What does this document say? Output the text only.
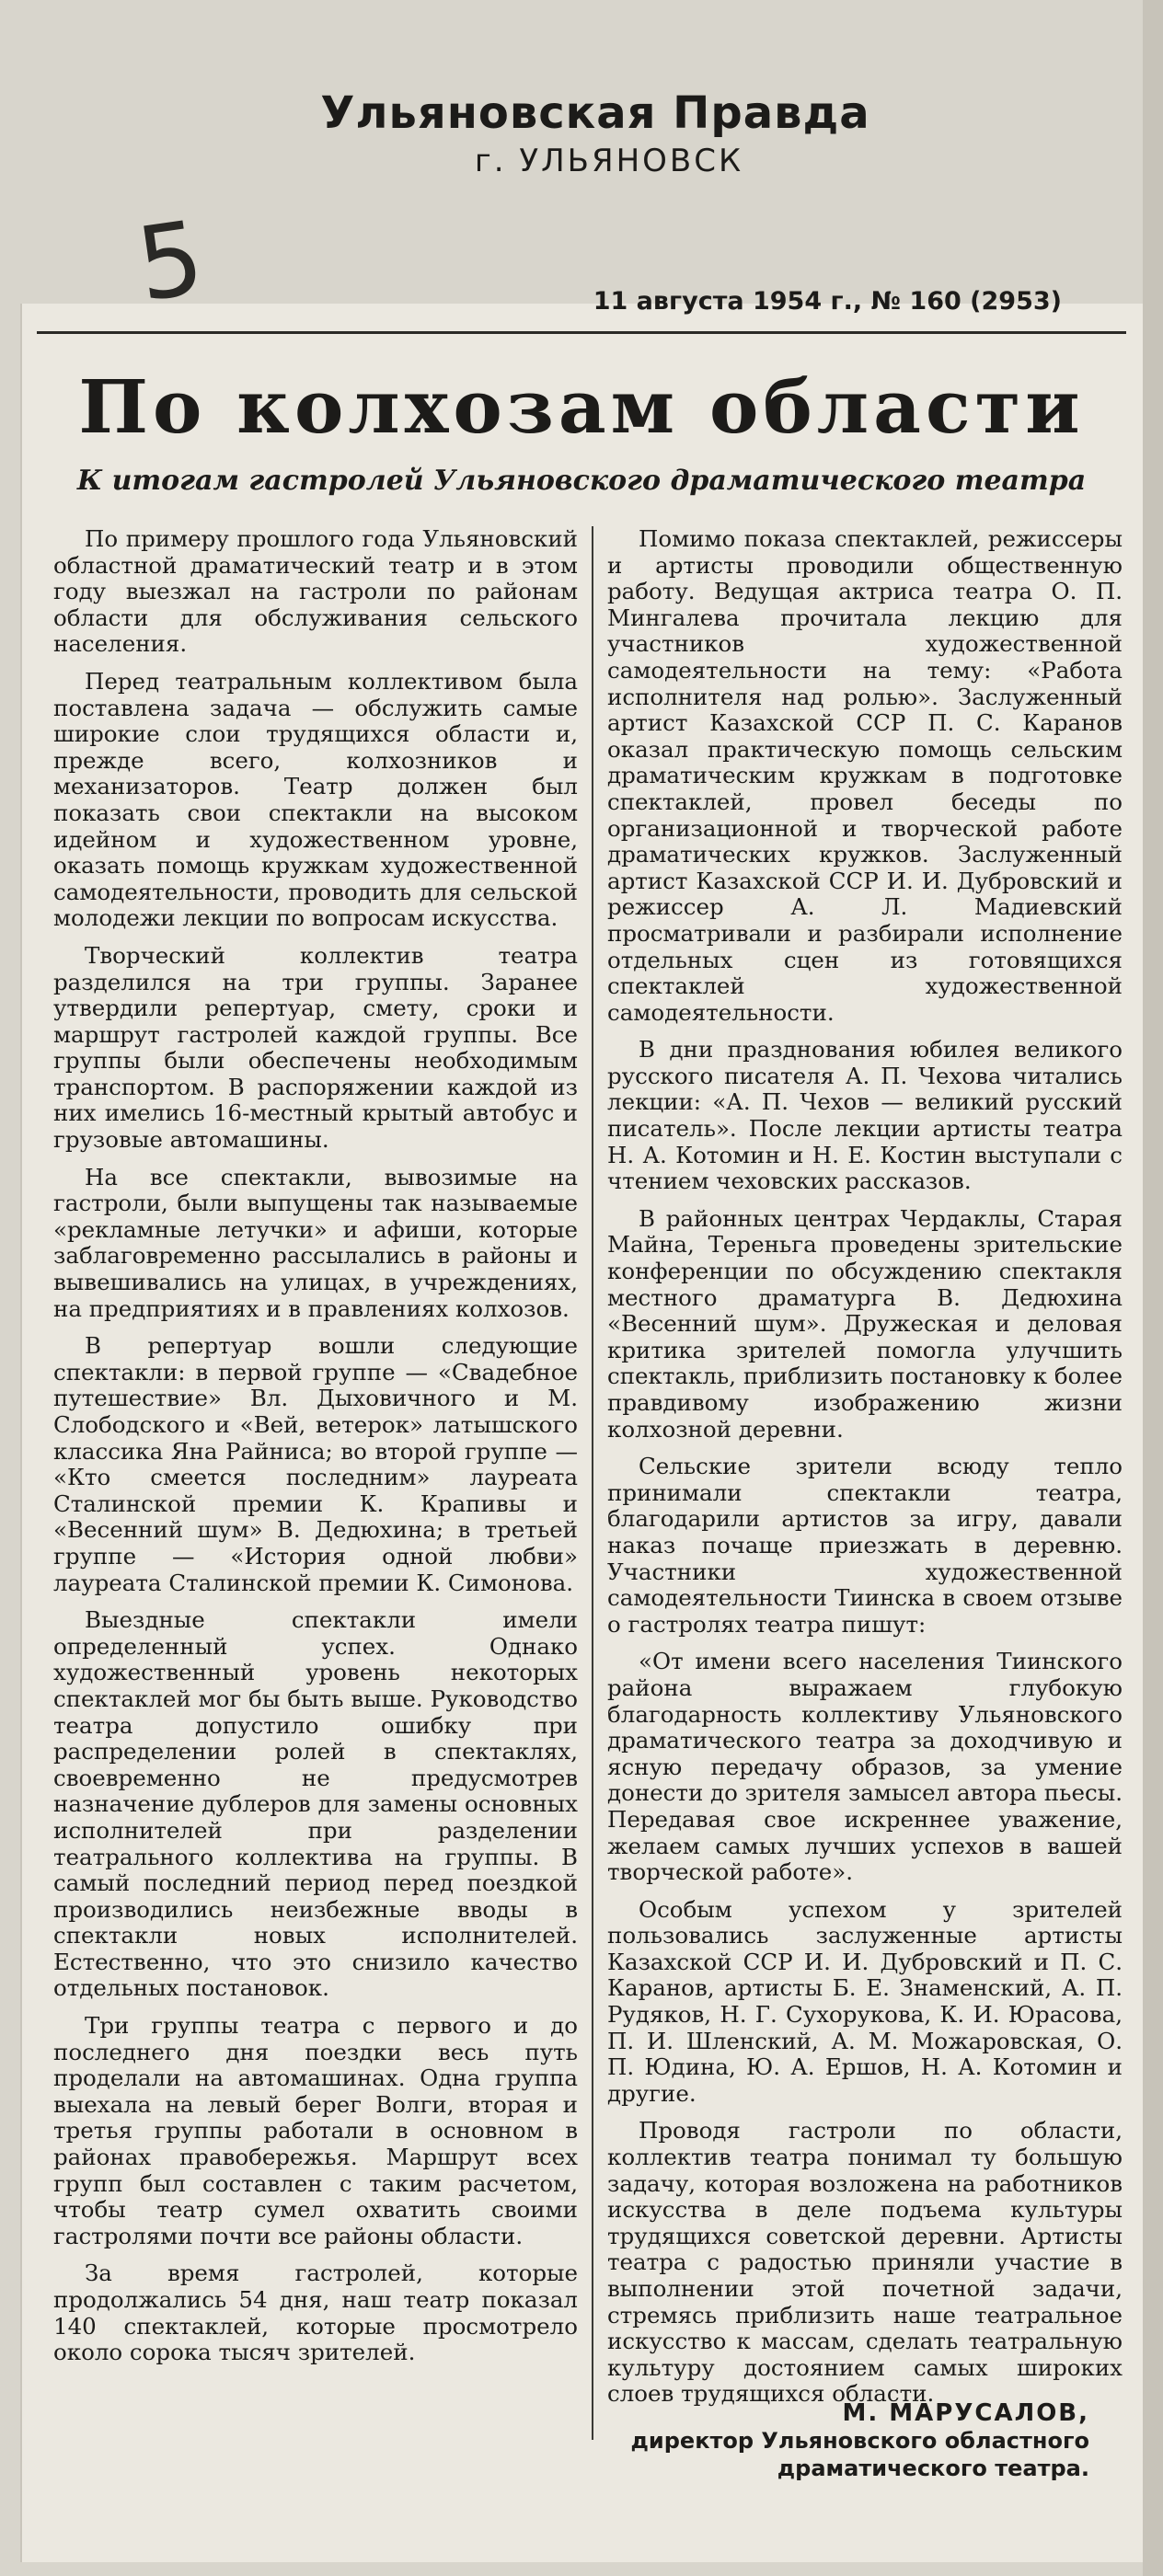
Ульяновская Правда
г. УЛЬЯНОВСК
5	11 августа 1954 г., № 160 (2953)
По колхозам области
К итогам гастролей Ульяновского драматического театра

По примеру прошлого года Ульяновский областной драматический театр и в этом году выезжал на гастроли по районам области для обслуживания сельского населения.

Перед театральным коллективом была поставлена задача — обслужить самые широкие слои трудящихся области и, прежде всего, колхозников и механизаторов. Театр должен был показать свои спектакли на высоком идейном и художественном уровне, оказать помощь кружкам художественной самодеятельности, проводить для сельской молодежи лекции по вопросам искусства.

Творческий коллектив театра разделился на три группы. Заранее утвердили репертуар, смету, сроки и маршрут гастролей каждой группы. Все группы были обеспечены необходимым транспортом. В распоряжении каждой из них имелись 16-местный крытый автобус и грузовые автомашины.

На все спектакли, вывозимые на гастроли, были выпущены так называемые «рекламные летучки» и афиши, которые заблаговременно рассылались в районы и вывешивались на улицах, в учреждениях, на предприятиях и в правлениях колхозов.

В репертуар вошли следующие спектакли: в первой группе — «Свадебное путешествие» Вл. Дыховичного и М. Слободского и «Вей, ветерок» латышского классика Яна Райниса; во второй группе — «Кто смеется последним» лауреата Сталинской премии К. Крапивы и «Весенний шум» В. Дедюхина; в третьей группе — «История одной любви» лауреата Сталинской премии К. Симонова.

Выездные спектакли имели определенный успех. Однако художественный уровень некоторых спектаклей мог бы быть выше. Руководство театра допустило ошибку при распределении ролей в спектаклях, своевременно не предусмотрев назначение дублеров для замены основных исполнителей при разделении театрального коллектива на группы. В самый последний период перед поездкой производились неизбежные вводы в спектакли новых исполнителей. Естественно, что это снизило качество отдельных постановок.

Три группы театра с первого и до последнего дня поездки весь путь проделали на автомашинах. Одна группа выехала на левый берег Волги, вторая и третья группы работали в основном в районах правобережья. Маршрут всех групп был составлен с таким расчетом, чтобы театр сумел охватить своими гастролями почти все районы области.

За время гастролей, которые продолжались 54 дня, наш театр показал 140 спектаклей, которые просмотрело около сорока тысяч зрителей.

Помимо показа спектаклей, режиссеры и артисты проводили общественную работу. Ведущая актриса театра О. П. Мингалева прочитала лекцию для участников художественной самодеятельности на тему: «Работа исполнителя над ролью». Заслуженный артист Казахской ССР П. С. Каранов оказал практическую помощь сельским драматическим кружкам в подготовке спектаклей, провел беседы по организационной и творческой работе драматических кружков. Заслуженный артист Казахской ССР И. И. Дубровский и режиссер А. Л. Мадиевский просматривали и разбирали исполнение отдельных сцен из готовящихся спектаклей художественной самодеятельности.

В дни празднования юбилея великого русского писателя А. П. Чехова читались лекции: «А. П. Чехов — великий русский писатель». После лекции артисты театра Н. А. Котомин и Н. Е. Костин выступали с чтением чеховских рассказов.

В районных центрах Чердаклы, Старая Майна, Тереньга проведены зрительские конференции по обсуждению спектакля местного драматурга В. Дедюхина «Весенний шум». Дружеская и деловая критика зрителей помогла улучшить спектакль, приблизить постановку к более правдивому изображению жизни колхозной деревни.

Сельские зрители всюду тепло принимали спектакли театра, благодарили артистов за игру, давали наказ почаще приезжать в деревню. Участники художественной самодеятельности Тиинска в своем отзыве о гастролях театра пишут:

«От имени всего населения Тиинского района выражаем глубокую благодарность коллективу Ульяновского драматического театра за доходчивую и ясную передачу образов, за умение донести до зрителя замысел автора пьесы. Передавая свое искреннее уважение, желаем самых лучших успехов в вашей творческой работе».

Особым успехом у зрителей пользовались заслуженные артисты Казахской ССР И. И. Дубровский и П. С. Каранов, артисты Б. Е. Знаменский, А. П. Рудяков, Н. Г. Сухорукова, К. И. Юрасова, П. И. Шленский, А. М. Можаровская, О. П. Юдина, Ю. А. Ершов, Н. А. Котомин и другие.

Проводя гастроли по области, коллектив театра понимал ту большую задачу, которая возложена на работников искусства в деле подъема культуры трудящихся советской деревни. Артисты театра с радостью приняли участие в выполнении этой почетной задачи, стремясь приблизить наше театральное искусство к массам, сделать театральную культуру достоянием самых широких слоев трудящихся области.

М. МАРУСАЛОВ,
директор Ульяновского областного
драматического театра.
